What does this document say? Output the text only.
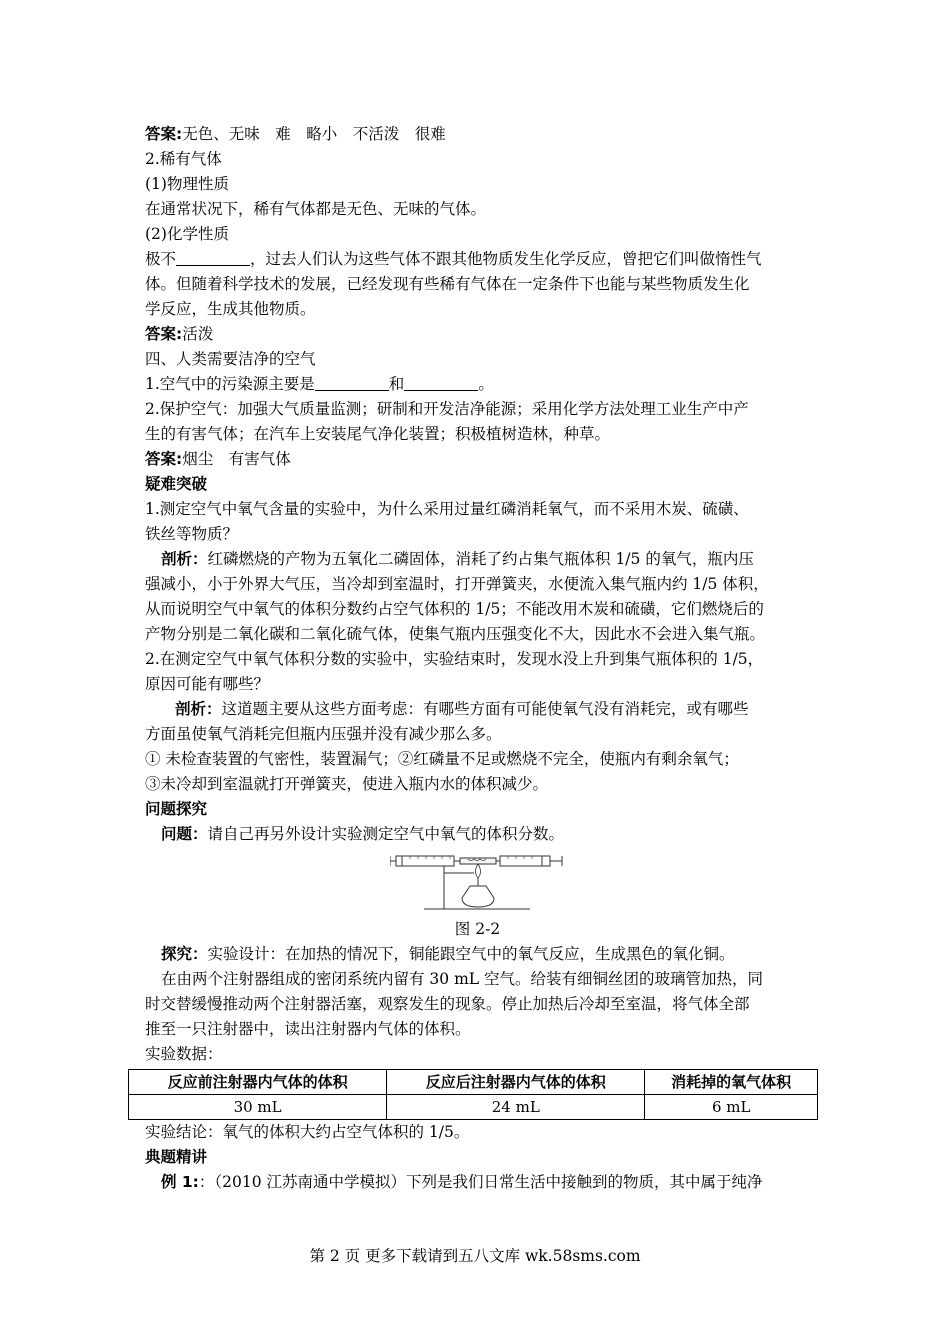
答案:无色、无味　难　略小　不活泼　很难
2.稀有气体
(1)物理性质
在通常状况下，稀有气体都是无色、无味的气体。
(2)化学性质
极不	，过去人们认为这些气体不跟其他物质发生化学反应，曾把它们叫做惰性气
体。但随着科学技术的发展，已经发现有些稀有气体在一定条件下也能与某些物质发生化
学反应，生成其他物质。
答案:活泼
四、人类需要洁净的空气
1.空气中的污染源主要是	和	。
2.保护空气：加强大气质量监测；研制和开发洁净能源；采用化学方法处理工业生产中产
生的有害气体；在汽车上安装尾气净化装置；积极植树造林，种草。
答案:烟尘　有害气体
疑难突破
1.测定空气中氧气含量的实验中，为什么采用过量红磷消耗氧气，而不采用木炭、硫磺、
铁丝等物质？
剖析：红磷燃烧的产物为五氧化二磷固体，消耗了约占集气瓶体积 1/5 的氧气，瓶内压
强减小，小于外界大气压，当冷却到室温时，打开弹簧夹，水便流入集气瓶内约 1/5 体积，
从而说明空气中氧气的体积分数约占空气体积的 1/5；不能改用木炭和硫磺，它们燃烧后的
产物分别是二氧化碳和二氧化硫气体，使集气瓶内压强变化不大，因此水不会进入集气瓶。
2.在测定空气中氧气体积分数的实验中，实验结束时，发现水没上升到集气瓶体积的 1/5，
原因可能有哪些？
剖析：这道题主要从这些方面考虑：有哪些方面有可能使氧气没有消耗完，或有哪些
方面虽使氧气消耗完但瓶内压强并没有减少那么多。
① 未检查装置的气密性，装置漏气；②红磷量不足或燃烧不完全，使瓶内有剩余氧气；
③未冷却到室温就打开弹簧夹，使进入瓶内水的体积减少。
问题探究
问题：请自己再另外设计实验测定空气中氧气的体积分数。
图 2-2
探究：实验设计：在加热的情况下，铜能跟空气中的氧气反应，生成黑色的氧化铜。
在由两个注射器组成的密闭系统内留有 30 mL 空气。给装有细铜丝团的玻璃管加热，同
时交替缓慢推动两个注射器活塞，观察发生的现象。停止加热后冷却至室温，将气体全部
推至一只注射器中，读出注射器内气体的体积。
实验数据：
反应前注射器内气体的体积	反应后注射器内气体的体积	消耗掉的氧气体积
30 mL	24 mL	6 mL
实验结论：氧气的体积大约占空气体积的 1/5。
典题精讲
例 1:：（2010 江苏南通中学模拟）下列是我们日常生活中接触到的物质，其中属于纯净
第 2 页 更多下载请到五八文库 wk.58sms.com
